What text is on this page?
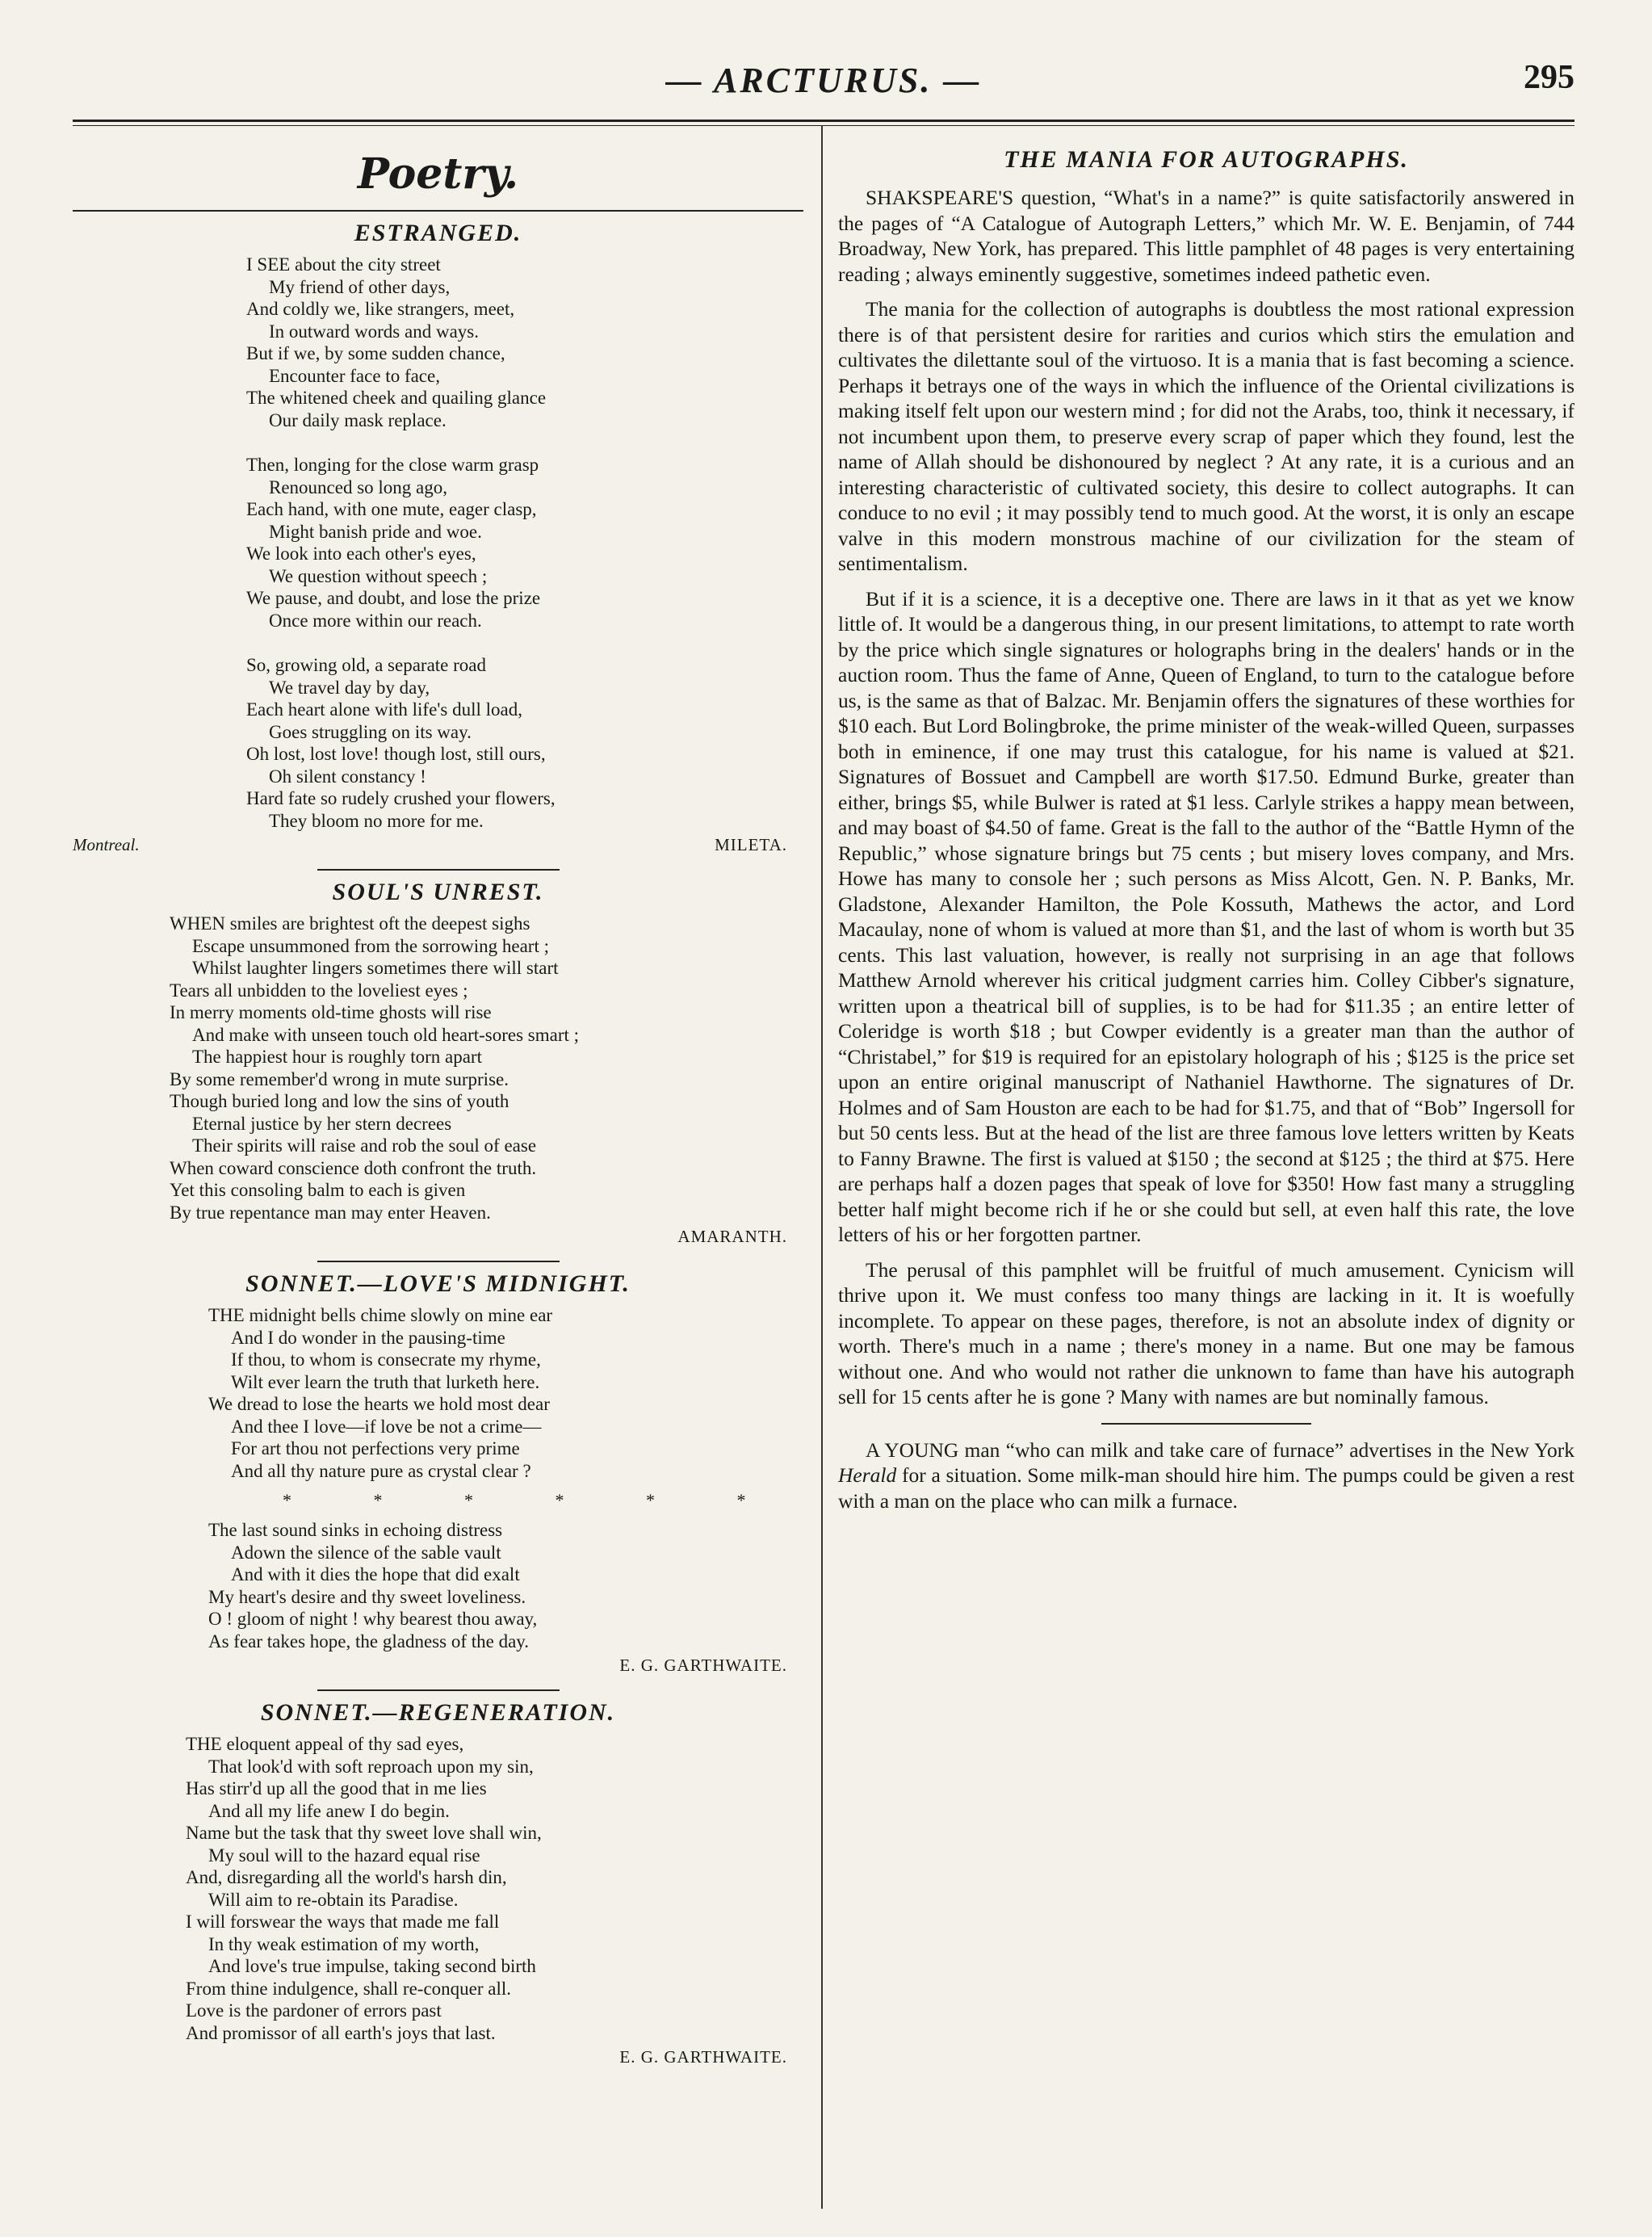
— ARCTURUS. —	295
Poetry.
ESTRANGED.
I SEE about the city street
My friend of other days,
And coldly we, like strangers, meet,
In outward words and ways.
But if we, by some sudden chance,
Encounter face to face,
The whitened cheek and quailing glance
Our daily mask replace.
Then, longing for the close warm grasp
Renounced so long ago,
Each hand, with one mute, eager clasp,
Might banish pride and woe.
We look into each other's eyes,
We question without speech ;
We pause, and doubt, and lose the prize
Once more within our reach.
So, growing old, a separate road
We travel day by day,
Each heart alone with life's dull load,
Goes struggling on its way.
Oh lost, lost love! though lost, still ours,
Oh silent constancy !
Hard fate so rudely crushed your flowers,
They bloom no more for me.
Montreal.	MILETA.
SOUL'S UNREST.
WHEN smiles are brightest oft the deepest sighs
Escape unsummoned from the sorrowing heart ;
Whilst laughter lingers sometimes there will start
Tears all unbidden to the loveliest eyes ;
In merry moments old-time ghosts will rise
And make with unseen touch old heart-sores smart ;
The happiest hour is roughly torn apart
By some remember'd wrong in mute surprise.
Though buried long and low the sins of youth
Eternal justice by her stern decrees
Their spirits will raise and rob the soul of ease
When coward conscience doth confront the truth.
Yet this consoling balm to each is given
By true repentance man may enter Heaven.
AMARANTH.
SONNET.—LOVE'S MIDNIGHT.
THE midnight bells chime slowly on mine ear
And I do wonder in the pausing-time
If thou, to whom is consecrate my rhyme,
Wilt ever learn the truth that lurketh here.
We dread to lose the hearts we hold most dear
And thee I love—if love be not a crime—
For art thou not perfections very prime
And all thy nature pure as crystal clear ?
* * * * * *
The last sound sinks in echoing distress
Adown the silence of the sable vault
And with it dies the hope that did exalt
My heart's desire and thy sweet loveliness.
O ! gloom of night ! why bearest thou away,
As fear takes hope, the gladness of the day.
E. G. GARTHWAITE.
SONNET.—REGENERATION.
THE eloquent appeal of thy sad eyes,
That look'd with soft reproach upon my sin,
Has stirr'd up all the good that in me lies
And all my life anew I do begin.
Name but the task that thy sweet love shall win,
My soul will to the hazard equal rise
And, disregarding all the world's harsh din,
Will aim to re-obtain its Paradise.
I will forswear the ways that made me fall
In thy weak estimation of my worth,
And love's true impulse, taking second birth
From thine indulgence, shall re-conquer all.
Love is the pardoner of errors past
And promissor of all earth's joys that last.
E. G. GARTHWAITE.
THE MANIA FOR AUTOGRAPHS.

SHAKSPEARE'S question, “What's in a name?” is quite satisfactorily answered in the pages of “A Catalogue of Autograph Letters,” which Mr. W. E. Benjamin, of 744 Broadway, New York, has prepared. This little pamphlet of 48 pages is very entertaining reading ; always eminently suggestive, sometimes indeed pathetic even.

The mania for the collection of autographs is doubtless the most rational expression there is of that persistent desire for rarities and curios which stirs the emulation and cultivates the dilettante soul of the virtuoso. It is a mania that is fast becoming a science. Perhaps it betrays one of the ways in which the influence of the Oriental civilizations is making itself felt upon our western mind ; for did not the Arabs, too, think it necessary, if not incumbent upon them, to preserve every scrap of paper which they found, lest the name of Allah should be dishonoured by neglect ? At any rate, it is a curious and an interesting characteristic of cultivated society, this desire to collect autographs. It can conduce to no evil ; it may possibly tend to much good. At the worst, it is only an escape valve in this modern monstrous machine of our civilization for the steam of sentimentalism.

But if it is a science, it is a deceptive one. There are laws in it that as yet we know little of. It would be a dangerous thing, in our present limitations, to attempt to rate worth by the price which single signatures or holographs bring in the dealers' hands or in the auction room. Thus the fame of Anne, Queen of England, to turn to the catalogue before us, is the same as that of Balzac. Mr. Benjamin offers the signatures of these worthies for $10 each. But Lord Bolingbroke, the prime minister of the weak-willed Queen, surpasses both in eminence, if one may trust this catalogue, for his name is valued at $21. Signatures of Bossuet and Campbell are worth $17.50. Edmund Burke, greater than either, brings $5, while Bulwer is rated at $1 less. Carlyle strikes a happy mean between, and may boast of $4.50 of fame. Great is the fall to the author of the “Battle Hymn of the Republic,” whose signature brings but 75 cents ; but misery loves company, and Mrs. Howe has many to console her ; such persons as Miss Alcott, Gen. N. P. Banks, Mr. Gladstone, Alexander Hamilton, the Pole Kossuth, Mathews the actor, and Lord Macaulay, none of whom is valued at more than $1, and the last of whom is worth but 35 cents. This last valuation, however, is really not surprising in an age that follows Matthew Arnold wherever his critical judgment carries him. Colley Cibber's signature, written upon a theatrical bill of supplies, is to be had for $11.35 ; an entire letter of Coleridge is worth $18 ; but Cowper evidently is a greater man than the author of “Christabel,” for $19 is required for an epistolary holograph of his ; $125 is the price set upon an entire original manuscript of Nathaniel Hawthorne. The signatures of Dr. Holmes and of Sam Houston are each to be had for $1.75, and that of “Bob” Ingersoll for but 50 cents less. But at the head of the list are three famous love letters written by Keats to Fanny Brawne. The first is valued at $150 ; the second at $125 ; the third at $75. Here are perhaps half a dozen pages that speak of love for $350! How fast many a struggling better half might become rich if he or she could but sell, at even half this rate, the love letters of his or her forgotten partner.

The perusal of this pamphlet will be fruitful of much amusement. Cynicism will thrive upon it. We must confess too many things are lacking in it. It is woefully incomplete. To appear on these pages, therefore, is not an absolute index of dignity or worth. There's much in a name ; there's money in a name. But one may be famous without one. And who would not rather die unknown to fame than have his autograph sell for 15 cents after he is gone ? Many with names are but nominally famous.

A YOUNG man “who can milk and take care of furnace” advertises in the New York Herald for a situation. Some milk-man should hire him. The pumps could be given a rest with a man on the place who can milk a furnace.
